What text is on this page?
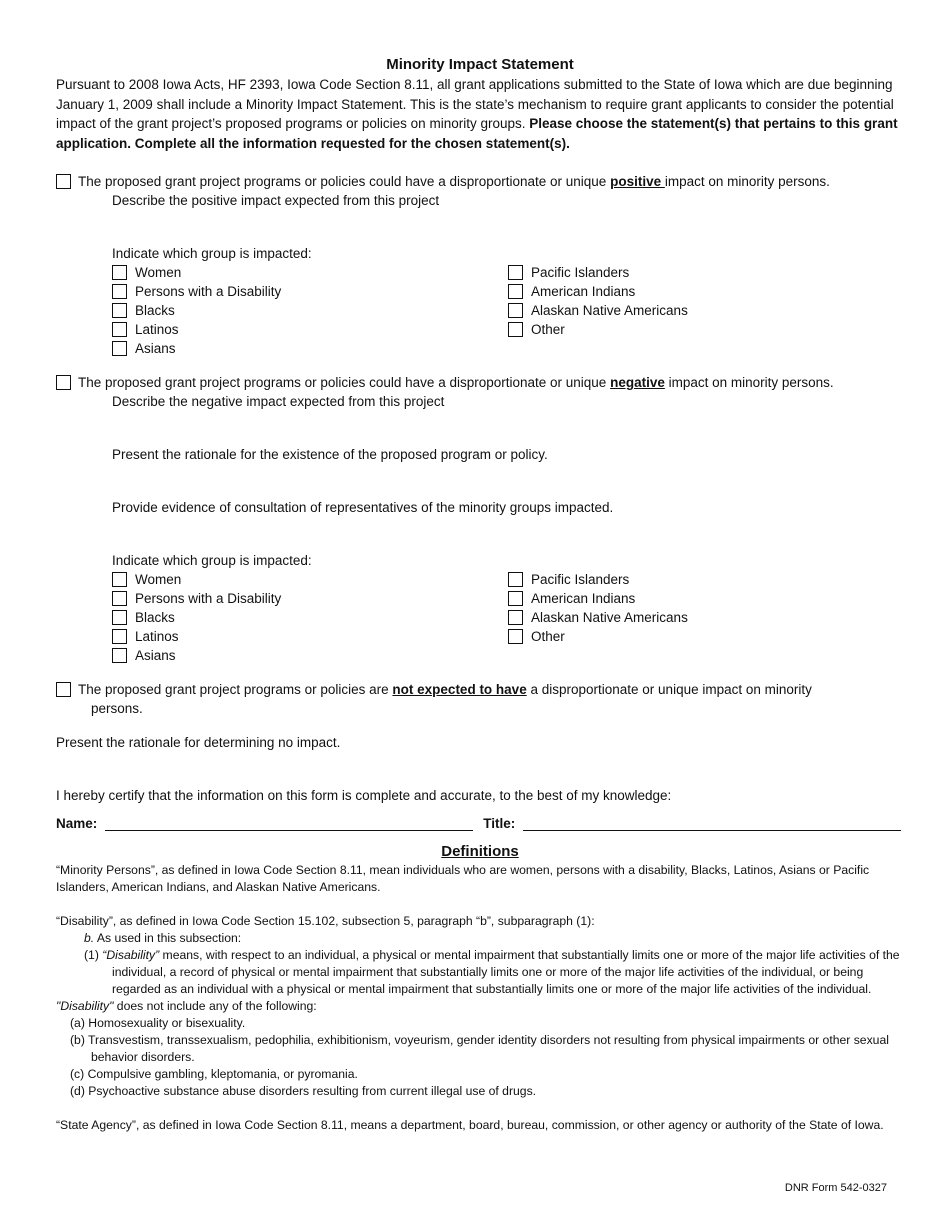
Minority Impact Statement

Pursuant to 2008 Iowa Acts, HF 2393, Iowa Code Section 8.11, all grant applications submitted to the State of Iowa which are due beginning January 1, 2009 shall include a Minority Impact Statement. This is the state’s mechanism to require grant applicants to consider the potential impact of the grant project’s proposed programs or policies on minority groups. Please choose the statement(s) that pertains to this grant application. Complete all the information requested for the chosen statement(s).

The proposed grant project programs or policies could have a disproportionate or unique positive impact on minority persons.
Describe the positive impact expected from this project
Indicate which group is impacted:
Women
Persons with a Disability
Blacks
Latinos
Asians
Pacific Islanders
American Indians
Alaskan Native Americans
Other
The proposed grant project programs or policies could have a disproportionate or unique negative impact on minority persons.
Describe the negative impact expected from this project
Present the rationale for the existence of the proposed program or policy.
Provide evidence of consultation of representatives of the minority groups impacted.
Indicate which group is impacted:
Women
Persons with a Disability
Blacks
Latinos
Asians
Pacific Islanders
American Indians
Alaskan Native Americans
Other
The proposed grant project programs or policies are not expected to have a disproportionate or unique impact on minority
persons.
Present the rationale for determining no impact.
I hereby certify that the information on this form is complete and accurate, to the best of my knowledge:
Name:	Title:
Definitions

“Minority Persons”, as defined in Iowa Code Section 8.11, mean individuals who are women, persons with a disability, Blacks, Latinos, Asians or Pacific Islanders, American Indians, and Alaskan Native Americans.

“Disability”, as defined in Iowa Code Section 15.102, subsection 5, paragraph “b”, subparagraph (1):

b. As used in this subsection:

(1) “Disability” means, with respect to an individual, a physical or mental impairment that substantially limits one or more of the major life activities of the individual, a record of physical or mental impairment that substantially limits one or more of the major life activities of the individual, or being regarded as an individual with a physical or mental impairment that substantially limits one or more of the major life activities of the individual.

"Disability" does not include any of the following:

(a) Homosexuality or bisexuality.

(b) Transvestism, transsexualism, pedophilia, exhibitionism, voyeurism, gender identity disorders not resulting from physical impairments or other sexual behavior disorders.

(c) Compulsive gambling, kleptomania, or pyromania.

(d) Psychoactive substance abuse disorders resulting from current illegal use of drugs.

“State Agency”, as defined in Iowa Code Section 8.11, means a department, board, bureau, commission, or other agency or authority of the State of Iowa.

DNR Form 542-0327
